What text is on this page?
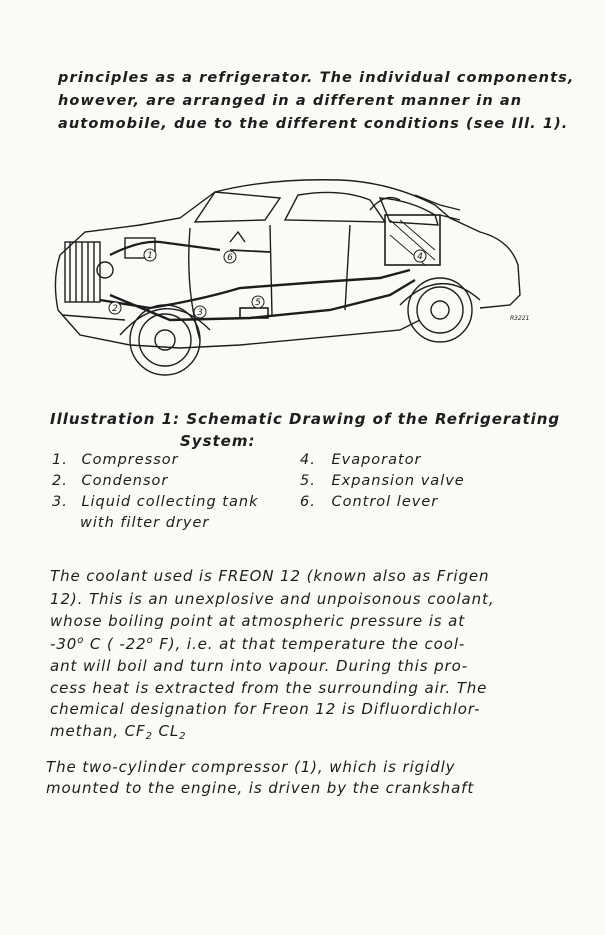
principles as a refrigerator. The individual components,
however, are arranged in a different manner in an
automobile, due to the different conditions (see Ill. 1).
1	6
5
4
2	3
R3221
Illustration 1: Schematic Drawing of the Refrigerating
System:
1. Compressor
2. Condensor
3. Liquid collecting tank
with filter dryer
4. Evaporator
5. Expansion valve
6. Control lever
The coolant used is FREON 12 (known also as Frigen
12). This is an unexplosive and unpoisonous coolant,
whose boiling point at atmospheric pressure is at
-30$^o$ C ( -22$^o$ F), i.e. at that temperature the cool-
ant will boil and turn into vapour. During this pro-
cess heat is extracted from the surrounding air. The
chemical designation for Freon 12 is Difluordichlor-
methan, $CF_2$ $CL_2$
The two-cylinder compressor (1), which is rigidly
mounted to the engine, is driven by the crankshaft
